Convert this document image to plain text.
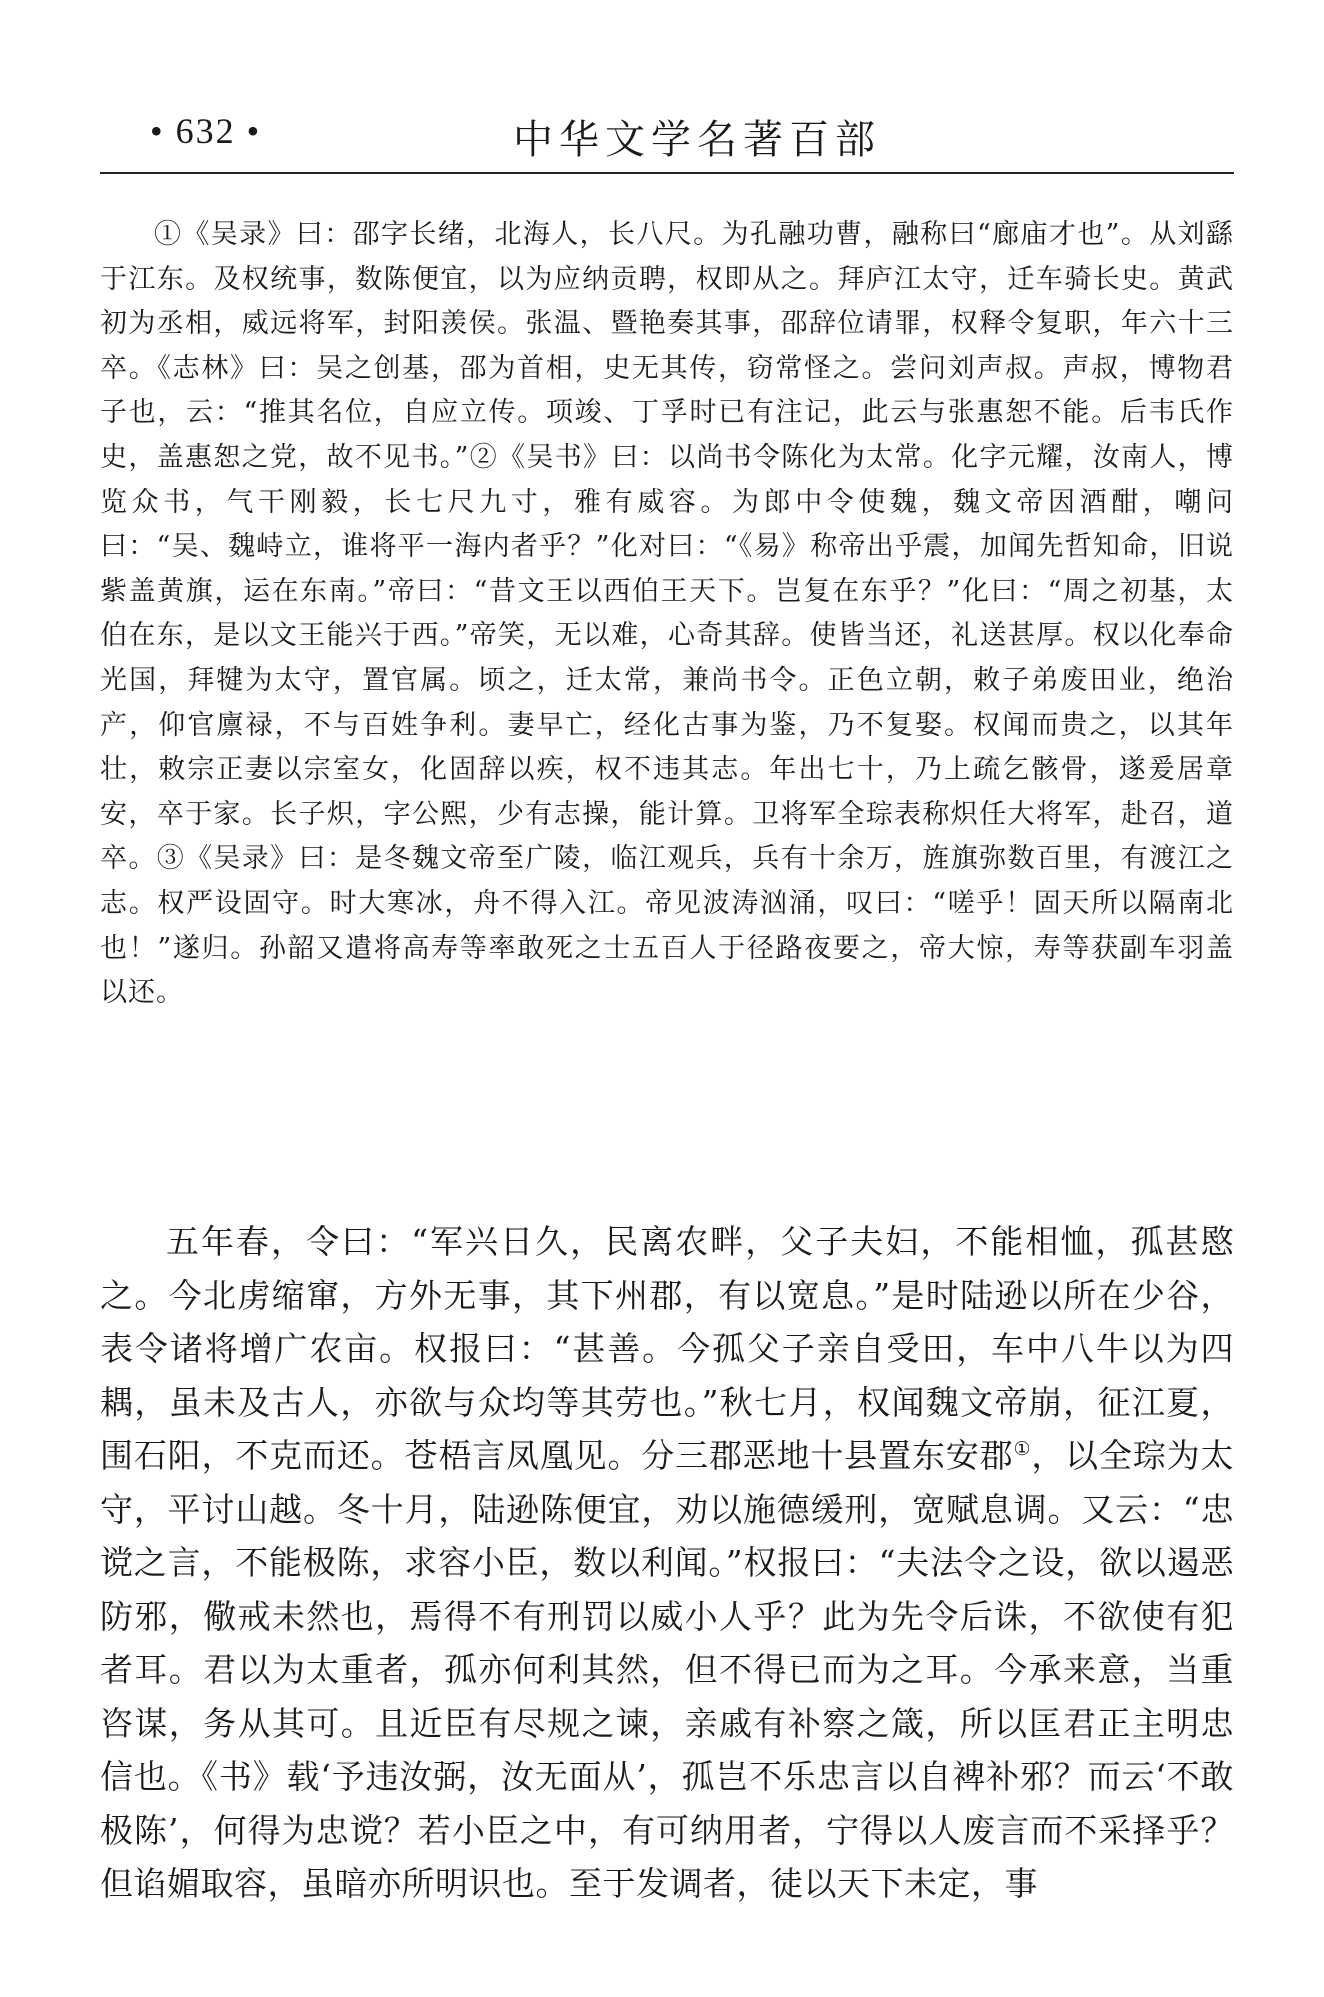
• 632 •	中华文学名著百部

①《吴录》曰：邵字长绪，北海人，长八尺。为孔融功曹，融称曰“廊庙才也”。从刘繇于江东。及权统事，数陈便宜，以为应纳贡聘，权即从之。拜庐江太守，迁车骑长史。黄武初为丞相，威远将军，封阳羡侯。张温、暨艳奏其事，邵辞位请罪，权释令复职，年六十三卒。《志林》曰：吴之创基，邵为首相，史无其传，窃常怪之。尝问刘声叔。声叔，博物君子也，云：“推其名位，自应立传。项竣、丁孚时已有注记，此云与张惠恕不能。后韦氏作史，盖惠恕之党，故不见书。”②《吴书》曰：以尚书令陈化为太常。化字元耀，汝南人，博览众书，气干刚毅，长七尺九寸，雅有威容。为郎中令使魏，魏文帝因酒酣，嘲问曰：“吴、魏峙立，谁将平一海内者乎？”化对曰：“《易》称帝出乎震，加闻先哲知命，旧说紫盖黄旗，运在东南。”帝曰：“昔文王以西伯王天下。岂复在东乎？”化曰：“周之初基，太伯在东，是以文王能兴于西。”帝笑，无以难，心奇其辞。使皆当还，礼送甚厚。权以化奉命光国，拜犍为太守，置官属。顷之，迁太常，兼尚书令。正色立朝，敕子弟废田业，绝治产，仰官廪禄，不与百姓争利。妻早亡，经化古事为鉴，乃不复娶。权闻而贵之，以其年壮，敕宗正妻以宗室女，化固辞以疾，权不违其志。年出七十，乃上疏乞骸骨，遂爰居章安，卒于家。长子炽，字公熙，少有志操，能计算。卫将军全琮表称炽任大将军，赴召，道卒。③《吴录》曰：是冬魏文帝至广陵，临江观兵，兵有十余万，旌旗弥数百里，有渡江之志。权严设固守。时大寒冰，舟不得入江。帝见波涛汹涌，叹曰：“嗟乎！固天所以隔南北也！”遂归。孙韶又遣将高寿等率敢死之士五百人于径路夜要之，帝大惊，寿等获副车羽盖以还。

五年春，令曰：“军兴日久，民离农畔，父子夫妇，不能相恤，孤甚愍之。今北虏缩窜，方外无事，其下州郡，有以宽息。”是时陆逊以所在少谷，表令诸将增广农亩。权报曰：“甚善。今孤父子亲自受田，车中八牛以为四耦，虽未及古人，亦欲与众均等其劳也。”秋七月，权闻魏文帝崩，征江夏，围石阳，不克而还。苍梧言凤凰见。分三郡恶地十县置东安郡①，以全琮为太守，平讨山越。冬十月，陆逊陈便宜，劝以施德缓刑，宽赋息调。又云：“忠谠之言，不能极陈，求容小臣，数以利闻。”权报曰：“夫法令之设，欲以遏恶防邪，儆戒未然也，焉得不有刑罚以威小人乎？此为先令后诛，不欲使有犯者耳。君以为太重者，孤亦何利其然，但不得已而为之耳。今承来意，当重咨谋，务从其可。且近臣有尽规之谏，亲戚有补察之箴，所以匡君正主明忠信也。《书》载‘予违汝弼，汝无面从’，孤岂不乐忠言以自裨补邪？而云‘不敢极陈’，何得为忠谠？若小臣之中，有可纳用者，宁得以人废言而不采择乎？但谄媚取容，虽暗亦所明识也。至于发调者，徒以天下未定，事
